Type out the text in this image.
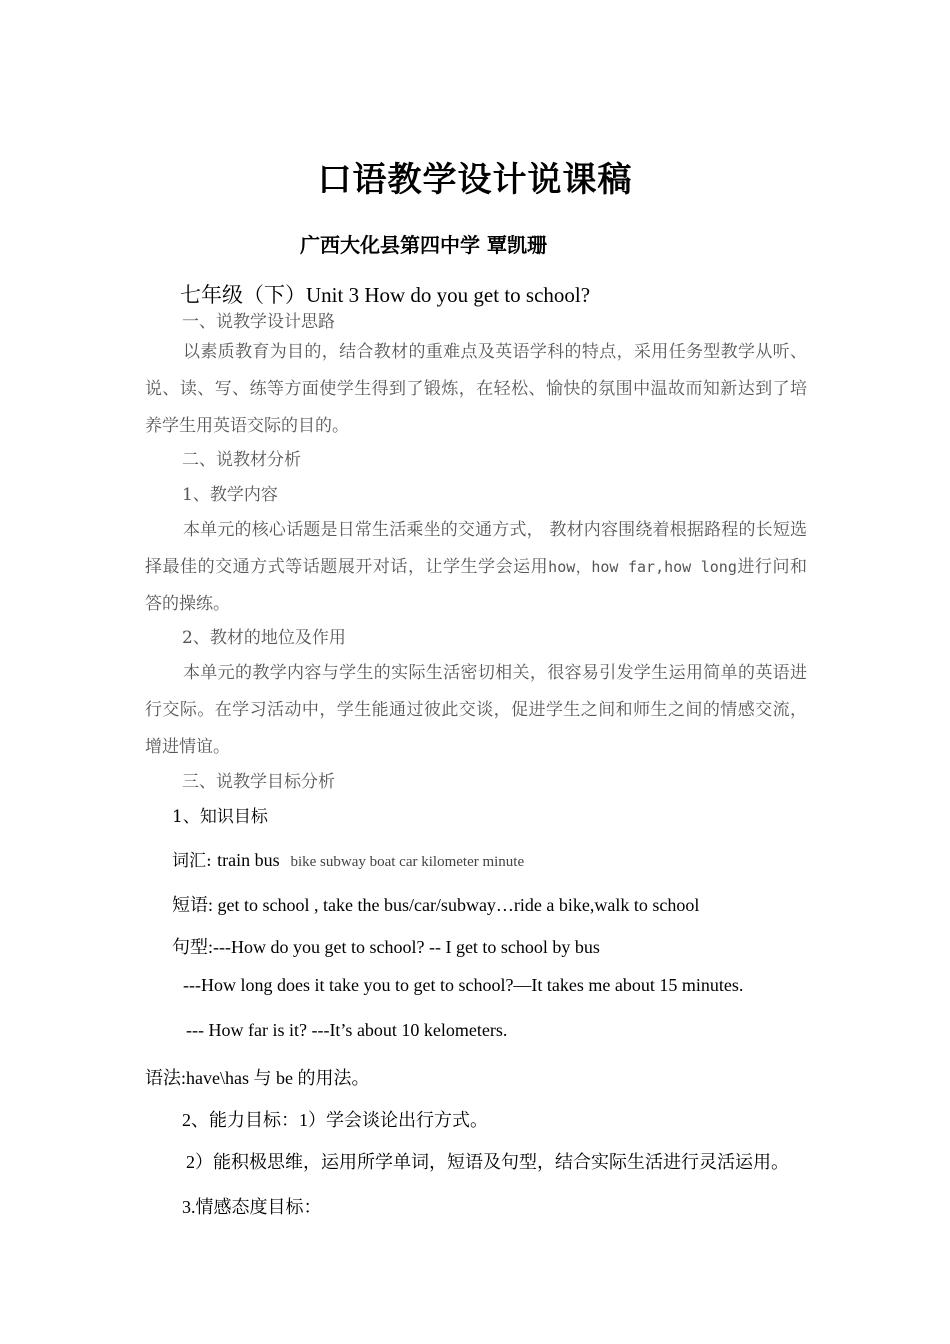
口语教学设计说课稿
广西大化县第四中学 覃凯珊
七年级（下）Unit 3 How do you get to school?
一、说教学设计思路
以素质教育为目的，结合教材的重难点及英语学科的特点，采用任务型教学从听、说、读、写、练等方面使学生得到了锻炼，在轻松、愉快的氛围中温故而知新达到了培养学生用英语交际的目的。
二、说教材分析
1、教学内容
本单元的核心话题是日常生活乘坐的交通方式， 教材内容围绕着根据路程的长短选择最佳的交通方式等话题展开对话，让学生学会运用how，how far,how long进行问和答的操练。
2、教材的地位及作用
本单元的教学内容与学生的实际生活密切相关，很容易引发学生运用简单的英语进行交际。在学习活动中，学生能通过彼此交谈，促进学生之间和师生之间的情感交流，增进情谊。
三、说教学目标分析
1、知识目标
词汇: train bus bike subway boat car kilometer minute
短语: get to school , take the bus/car/subway…ride a bike,walk to school
句型:---How do you get to school? -- I get to school by bus
---How long does it take you to get to school?—It takes me about 15 minutes.
--- How far is it? ---It’s about 10 kelometers.
语法:have\has 与 be 的用法。
2、能力目标：1）学会谈论出行方式。
2）能积极思维，运用所学单词，短语及句型，结合实际生活进行灵活运用。
3.情感态度目标：
